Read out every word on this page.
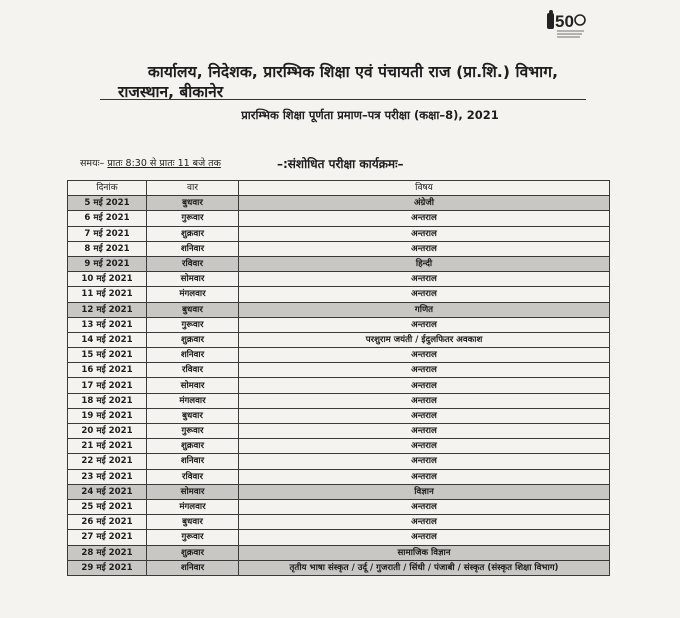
50
कार्यालय, निदेशक, प्रारम्भिक शिक्षा एवं पंचायती राज (प्रा.शि.) विभाग,
राजस्थान, बीकानेर
प्रारम्भिक शिक्षा पूर्णता प्रमाण–पत्र परीक्षा (कक्षा–8), 2021
समयः– प्रातः 8:30 से प्रातः 11 बजे तक	–:संशोधित परीक्षा कार्यक्रमः–
दिनांक	वार	विषय
5 मई 2021	बुधवार	अंग्रेजी
6 मई 2021	गुरूवार	अन्तराल
7 मई 2021	शुक्रवार	अन्तराल
8 मई 2021	शनिवार	अन्तराल
9 मई 2021	रविवार	हिन्दी
10 मई 2021	सोमवार	अन्तराल
11 मई 2021	मंगलवार	अन्तराल
12 मई 2021	बुधवार	गणित
13 मई 2021	गुरूवार	अन्तराल
14 मई 2021	शुक्रवार	परशुराम जयंती / ईदुलफितर अवकाश
15 मई 2021	शनिवार	अन्तराल
16 मई 2021	रविवार	अन्तराल
17 मई 2021	सोमवार	अन्तराल
18 मई 2021	मंगलवार	अन्तराल
19 मई 2021	बुधवार	अन्तराल
20 मई 2021	गुरूवार	अन्तराल
21 मई 2021	शुक्रवार	अन्तराल
22 मई 2021	शनिवार	अन्तराल
23 मई 2021	रविवार	अन्तराल
24 मई 2021	सोमवार	विज्ञान
25 मई 2021	मंगलवार	अन्तराल
26 मई 2021	बुधवार	अन्तराल
27 मई 2021	गुरूवार	अन्तराल
28 मई 2021	शुक्रवार	सामाजिक विज्ञान
29 मई 2021	शनिवार	तृतीय भाषा संस्कृत / उर्दू / गुजराती / सिंधी / पंजाबी / संस्कृत (संस्कृत शिक्षा विभाग)
